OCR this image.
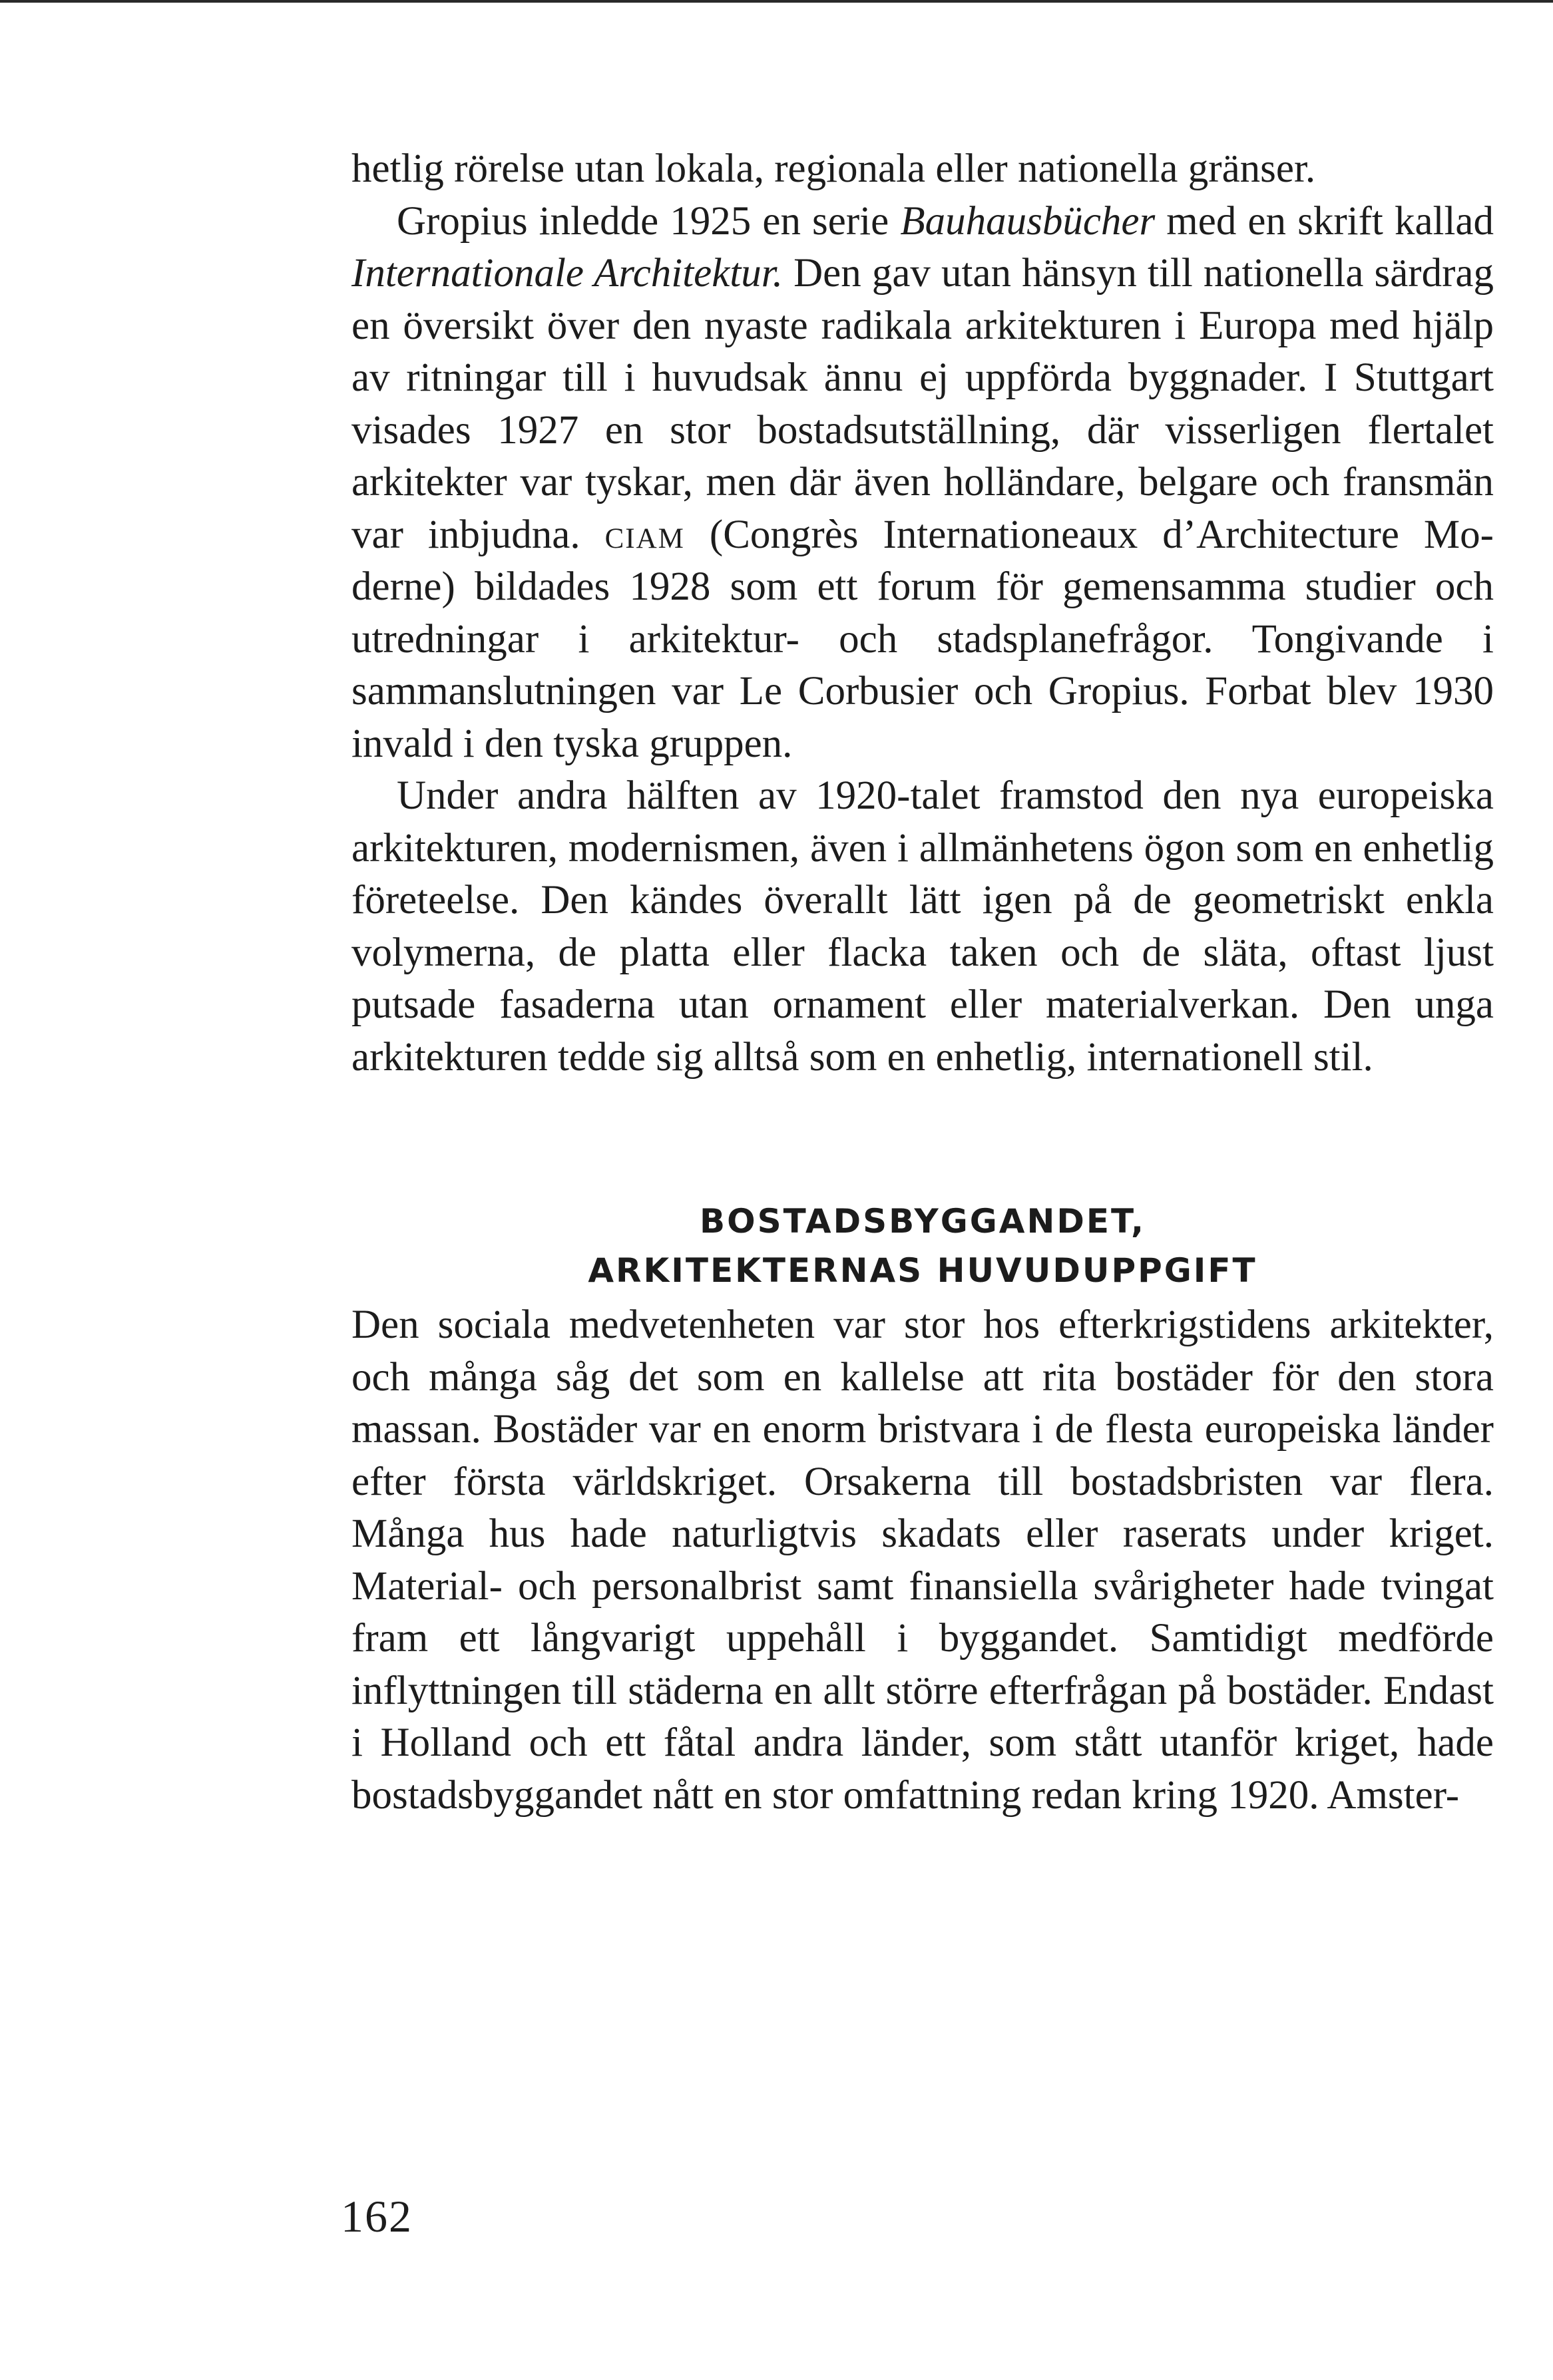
hetlig rörelse utan lokala, regionala eller nationella gränser.

Gropius inledde 1925 en serie Bauhausbücher med en skrift kallad Internationale Architektur. Den gav utan hänsyn till nationella särdrag en översikt över den nyaste radikala arkitekturen i Europa med hjälp av ritningar till i huvudsak ännu ej uppförda byggnader. I Stuttgart visades 1927 en stor bostadsutställning, där visserligen flertalet arkitekter var tyskar, men där även holländare, belgare och fransmän var inbjudna. ciam (Congrès Internationeaux d’Architecture Moderne) bildades 1928 som ett forum för gemensamma studier och utredningar i arkitektur- och stadsplanefrågor. Tongivande i sammanslutningen var Le Corbusier och Gropius. Forbat blev 1930 invald i den tyska gruppen.

Under andra hälften av 1920-talet framstod den nya europeiska arkitekturen, modernismen, även i allmänhetens ögon som en enhetlig företeelse. Den kändes överallt lätt igen på de geometriskt enkla volymerna, de platta eller flacka taken och de släta, oftast ljust putsade fasaderna utan ornament eller materialverkan. Den unga arkitekturen tedde sig alltså som en enhetlig, internationell stil.

BOSTADSBYGGANDET,
ARKITEKTERNAS HUVUDUPPGIFT

Den sociala medvetenheten var stor hos efterkrigstidens arkitekter, och många såg det som en kallelse att rita bostäder för den stora massan. Bostäder var en enorm bristvara i de flesta europeiska länder efter första världskriget. Orsakerna till bostadsbristen var flera. Många hus hade naturligtvis skadats eller raserats under kriget. Material- och personalbrist samt finansiella svårigheter hade tvingat fram ett långvarigt uppehåll i byggandet. Samtidigt medförde inflyttningen till städerna en allt större efterfrågan på bostäder. Endast i Holland och ett fåtal andra länder, som stått utanför kriget, hade bostadsbyggandet nått en stor omfattning redan kring 1920. Amster-

162
